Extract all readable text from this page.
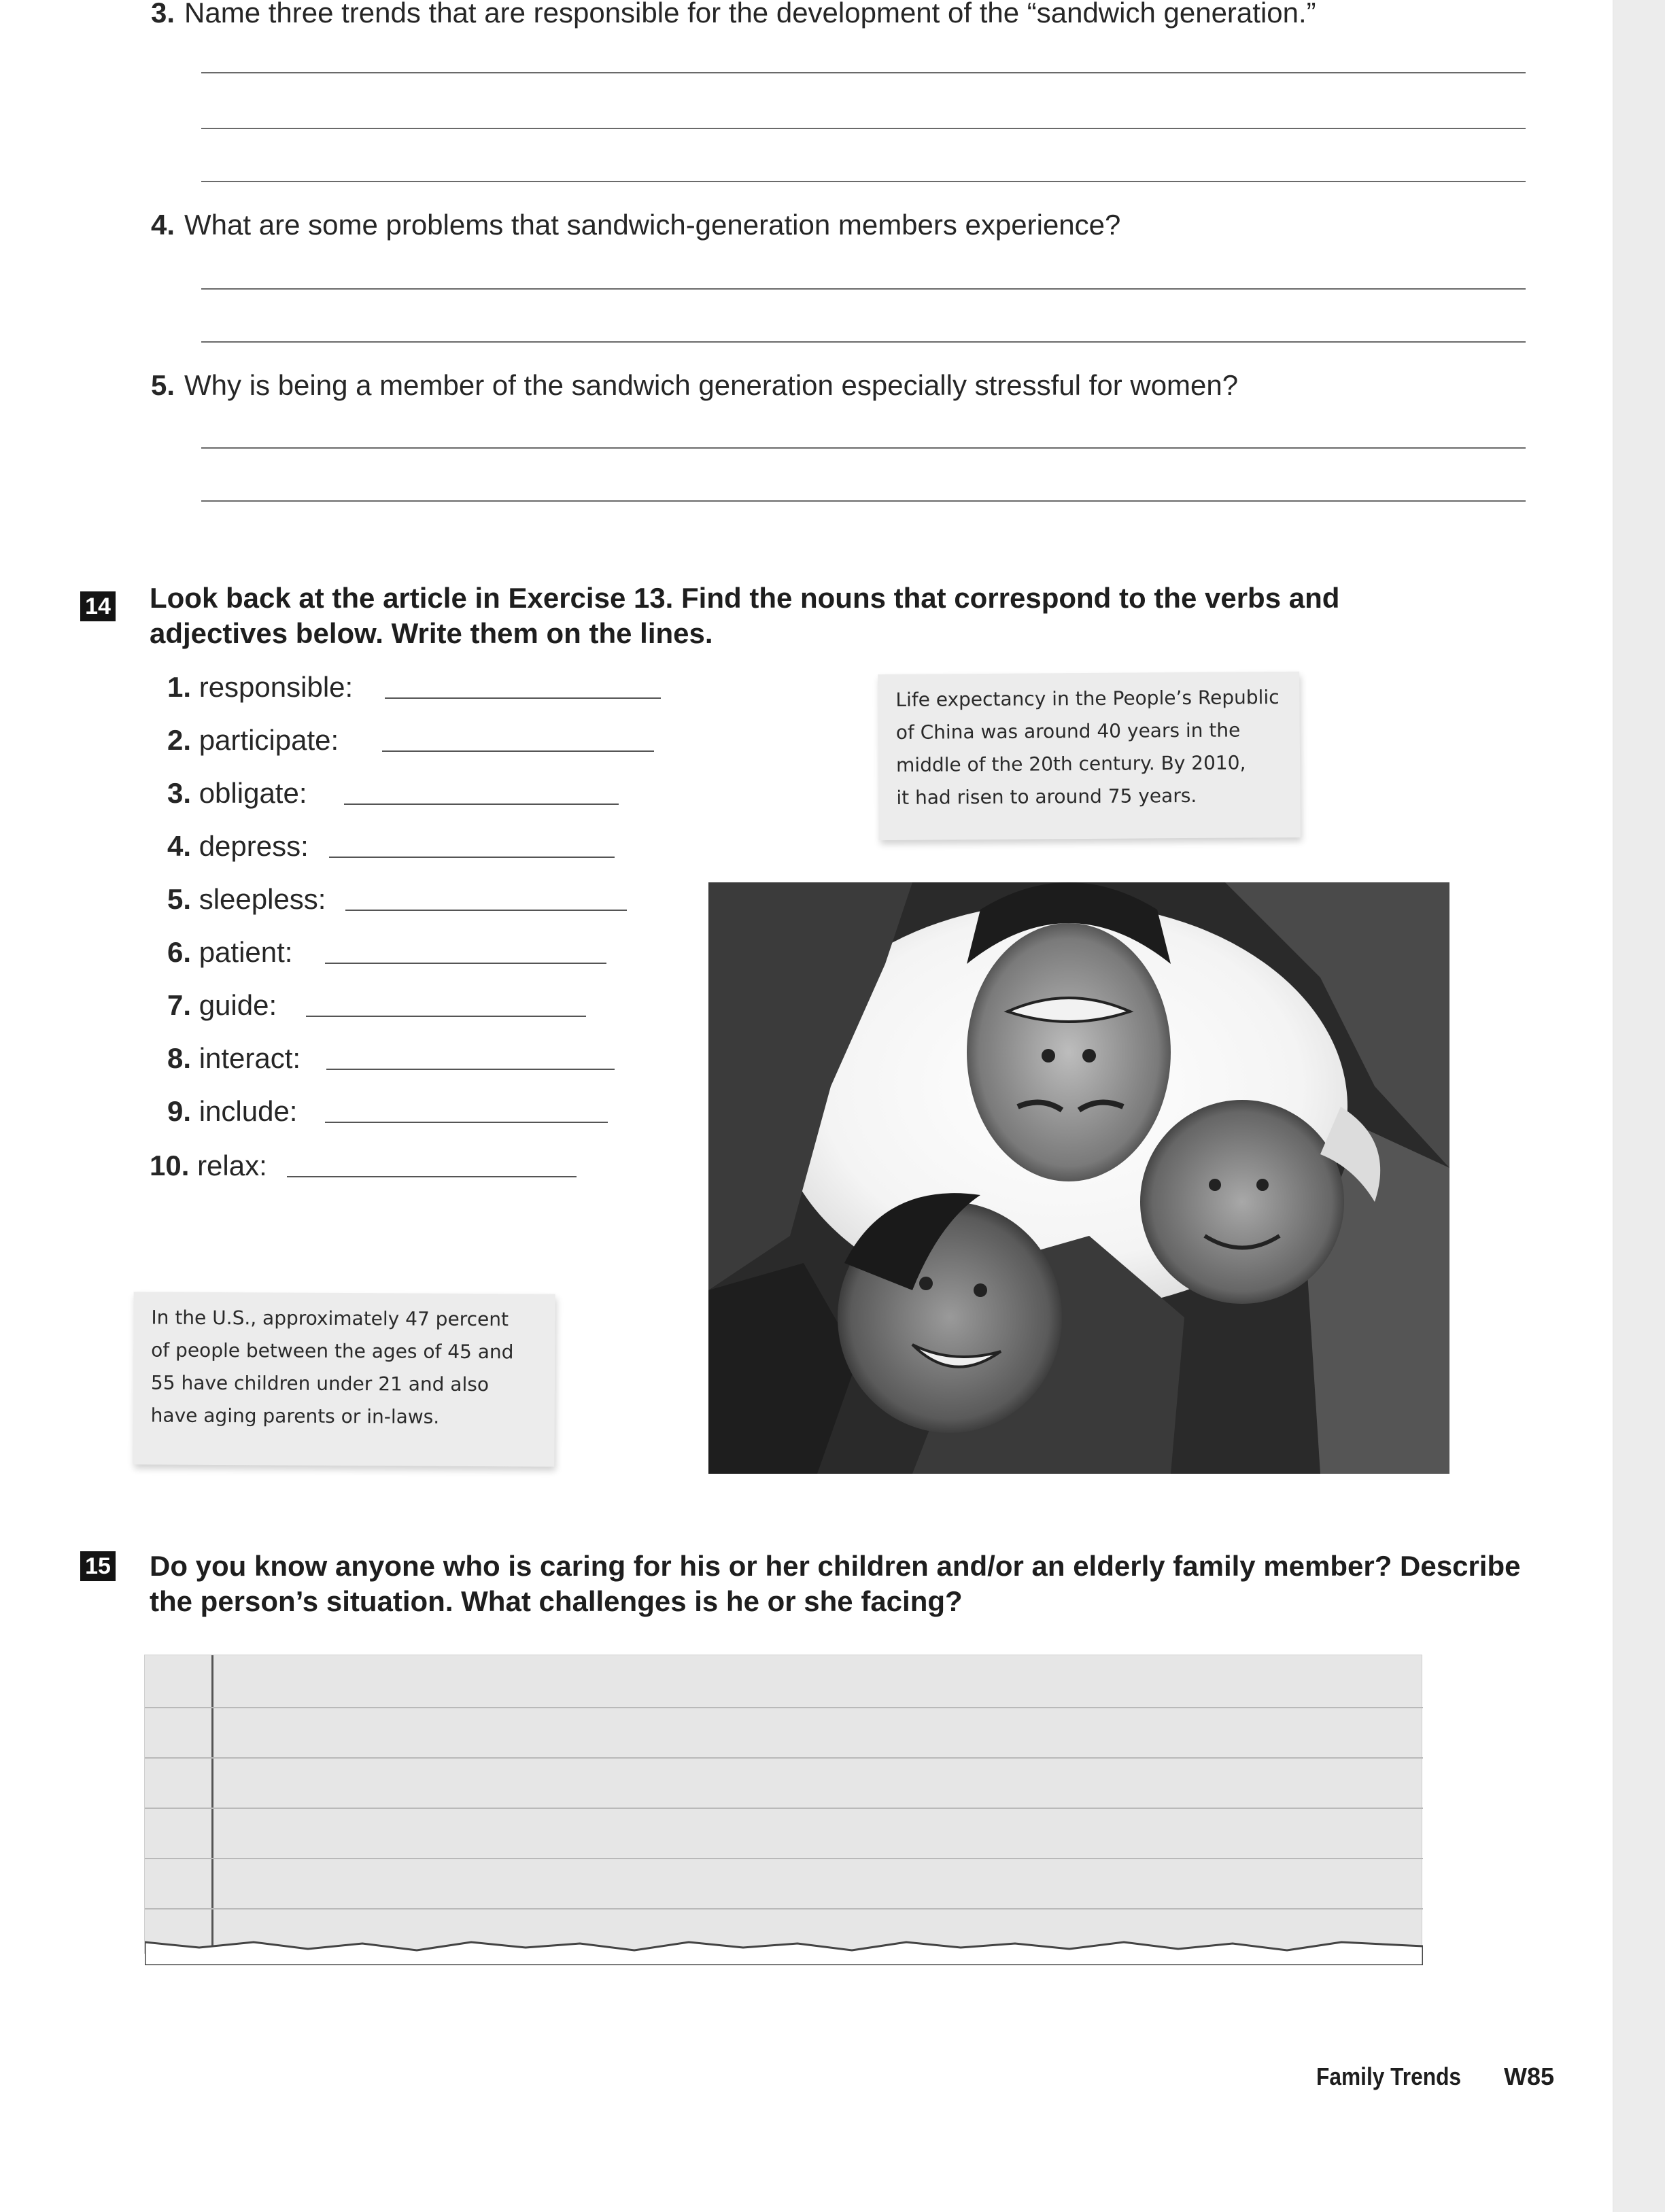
3. Name three trends that are responsible for the development of the “sandwich generation.”
4. What are some problems that sandwich-generation members experience?
5. Why is being a member of the sandwich generation especially stressful for women?
14 Look back at the article in Exercise 13. Find the nouns that correspond to the verbs and adjectives below. Write them on the lines.
1. responsible:
2. participate:
3. obligate:
4. depress:
5. sleepless:
6. patient:
7. guide:
8. interact:
9. include:
10. relax:
Life expectancy in the People’s Republic
of China was around 40 years in the
middle of the 20th century. By 2010,
it had risen to around 75 years.
In the U.S., approximately 47 percent
of people between the ages of 45 and
55 have children under 21 and also
have aging parents or in-laws.
15 Do you know anyone who is caring for his or her children and/or an elderly family member? Describe the person’s situation. What challenges is he or she facing?
Family Trends W85
